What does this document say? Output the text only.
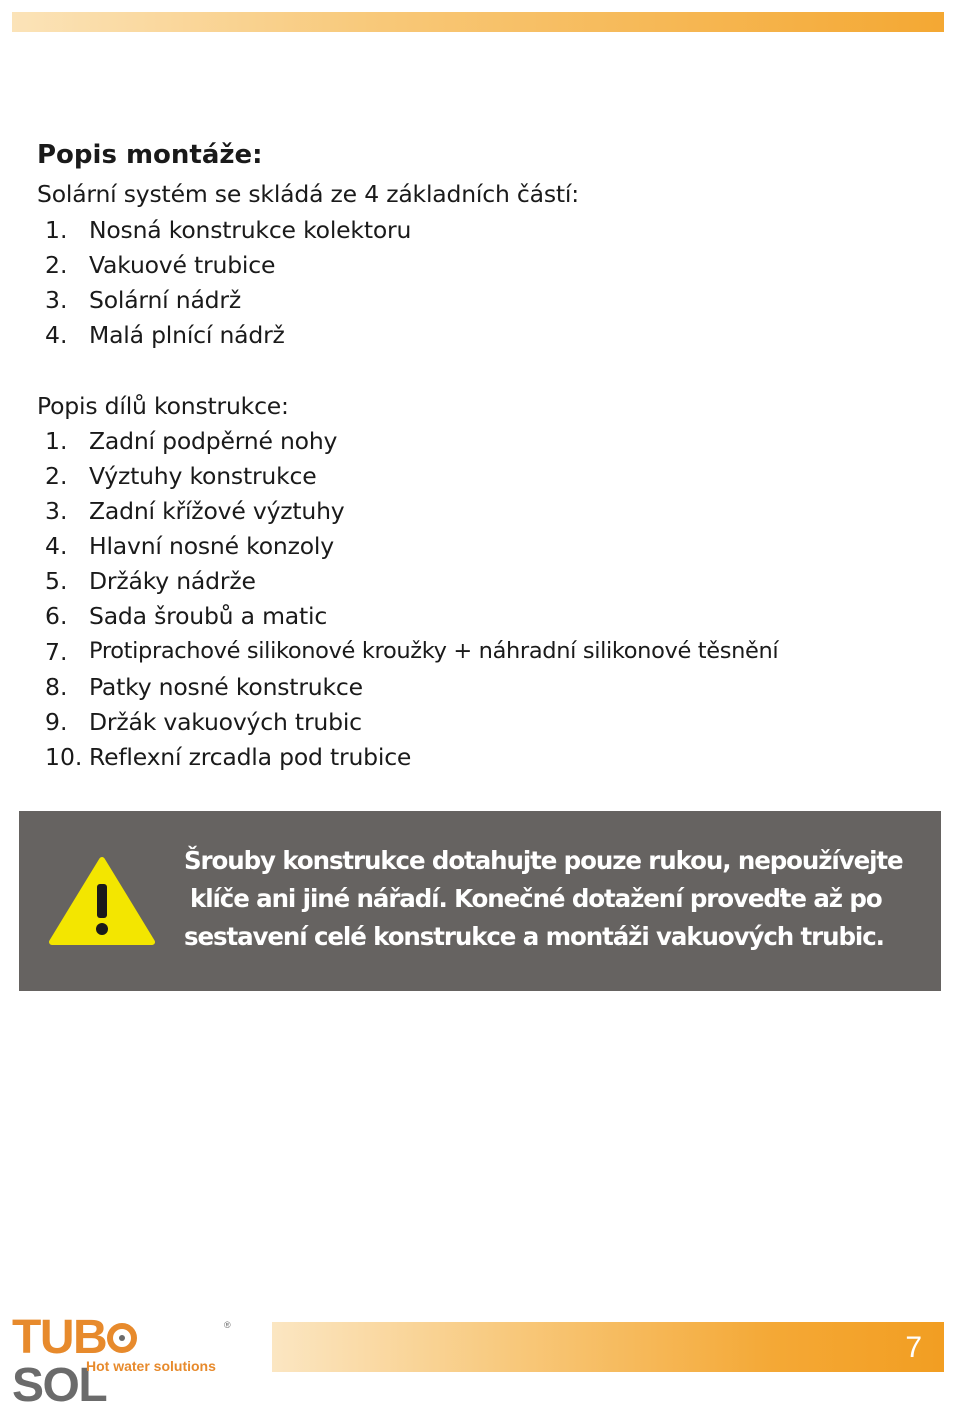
Popis montáže:
Solární systém se skládá ze 4 základních částí:
1. Nosná konstrukce kolektoru
2. Vakuové trubice
3. Solární nádrž
4. Malá plnící nádrž
Popis dílů konstrukce:
1. Zadní podpěrné nohy
2. Výztuhy konstrukce
3. Zadní křížové výztuhy
4. Hlavní nosné konzoly
5. Držáky nádrže
6. Sada šroubů a matic
7. Protiprachové silikonové kroužky + náhradní silikonové těsnění
8. Patky nosné konstrukce
9. Držák vakuových trubic
10. Reflexní zrcadla pod trubice
Šrouby konstrukce dotahujte pouze rukou, nepoužívejte
klíče ani jiné nářadí. Konečné dotažení proveďte až po
sestavení celé konstrukce a montáži vakuových trubic.
TUBSOL
®
Hot water solutions
7
